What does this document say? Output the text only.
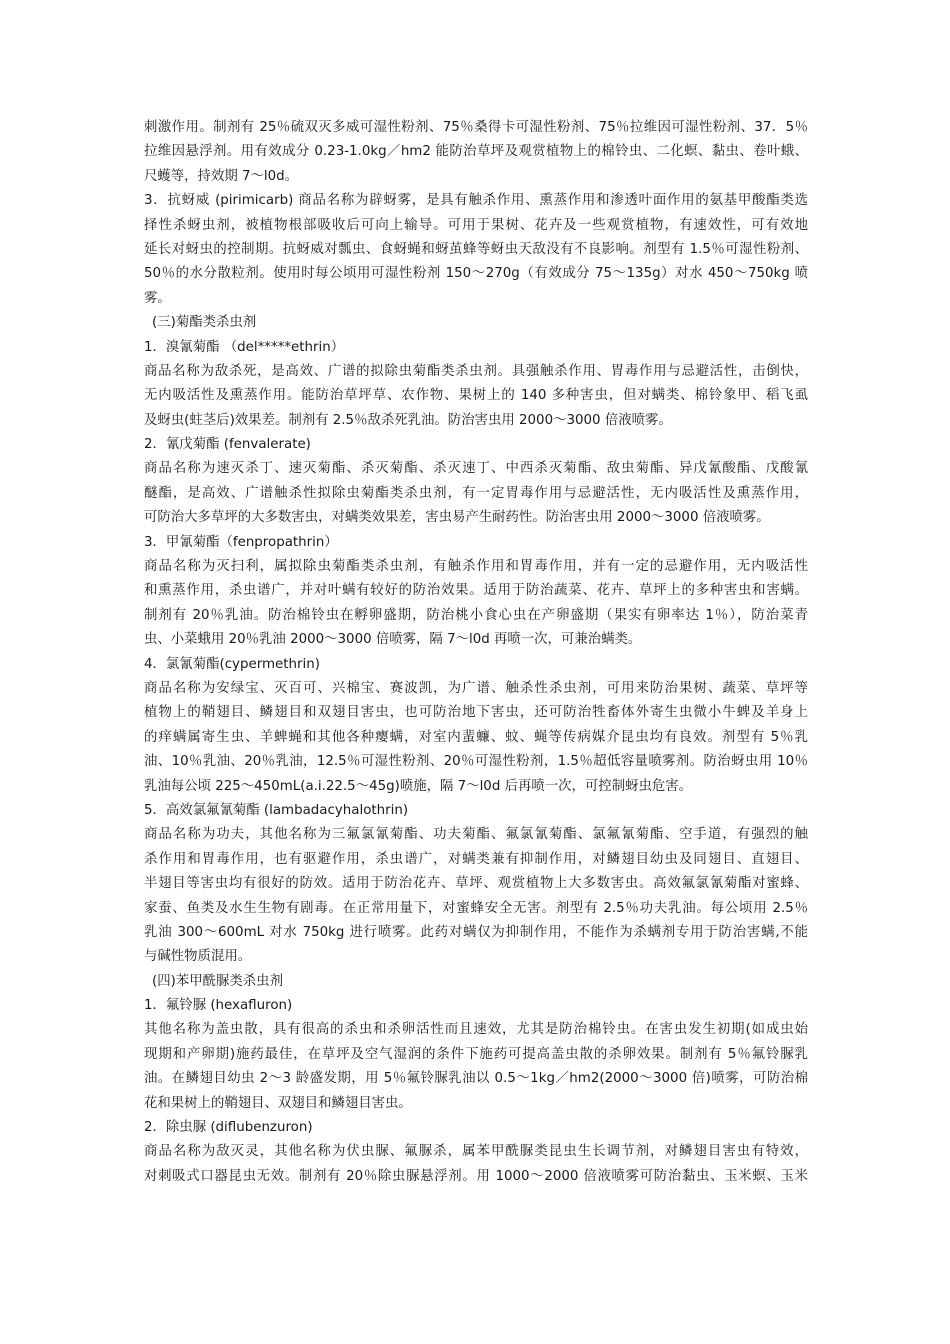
刺激作用。制剂有 25％硫双灭多威可湿性粉剂、75％桑得卡可湿性粉剂、75％拉维因可湿性粉剂、37．5％
拉维因悬浮剂。用有效成分 0.23-1.0kg／hm2 能防治草坪及观赏植物上的棉铃虫、二化螟、黏虫、卷叶蛾、
尺蠖等，持效期 7～l0d。
3．抗蚜威 (pirimicarb) 商品名称为辟蚜雾，是具有触杀作用、熏蒸作用和渗透叶面作用的氨基甲酸酯类选
择性杀蚜虫剂，被植物根部吸收后可向上输导。可用于果树、花卉及一些观赏植物，有速效性，可有效地
延长对蚜虫的控制期。抗蚜威对瓢虫、食蚜蝇和蚜茧蜂等蚜虫天敌没有不良影响。剂型有 1.5％可湿性粉剂、
50％的水分散粒剂。使用时每公顷用可湿性粉剂 150～270g（有效成分 75～135g）对水 450～750kg 喷
雾。
(三)菊酯类杀虫剂
1．溴氰菊酯 （del*****ethrin）
商品名称为敌杀死，是高效、广谱的拟除虫菊酯类杀虫剂。具强触杀作用、胃毒作用与忌避活性，击倒快，
无内吸活性及熏蒸作用。能防治草坪草、农作物、果树上的 140 多种害虫，但对螨类、棉铃象甲、稻飞虱
及蚜虫(蛀茎后)效果差。制剂有 2.5％敌杀死乳油。防治害虫用 2000～3000 倍液喷雾。
2．氰戊菊酯 (fenvalerate)
商品名称为速灭杀丁、速灭菊酯、杀灭菊酯、杀灭速丁、中西杀灭菊酯、敌虫菊酯、异戊氰酸酯、戊酸氰
醚酯，是高效、广谱触杀性拟除虫菊酯类杀虫剂，有一定胃毒作用与忌避活性，无内吸活性及熏蒸作用，
可防治大多草坪的大多数害虫，对螨类效果差，害虫易产生耐药性。防治害虫用 2000～3000 倍液喷雾。
3．甲氰菊酯（fenpropathrin）
商品名称为灭扫利，属拟除虫菊酯类杀虫剂，有触杀作用和胃毒作用，并有一定的忌避作用，无内吸活性
和熏蒸作用，杀虫谱广，并对叶螨有较好的防治效果。适用于防治蔬菜、花卉、草坪上的多种害虫和害螨。
制剂有 20％乳油。防治棉铃虫在孵卵盛期，防治桃小食心虫在产卵盛期（果实有卵率达 1％），防治菜青
虫、小菜蛾用 20％乳油 2000～3000 倍喷雾，隔 7～l0d 再喷一次，可兼治螨类。
4．氯氰菊酯(cypermethrin)
商品名称为安绿宝、灭百可、兴棉宝、赛波凯，为广谱、触杀性杀虫剂，可用来防治果树、蔬菜、草坪等
植物上的鞘翅目、鳞翅目和双翅目害虫，也可防治地下害虫，还可防治牲畜体外寄生虫微小牛蜱及羊身上
的痒螨属寄生虫、羊蜱蝇和其他各种瘿螨，对室内蜚蠊、蚊、蝇等传病媒介昆虫均有良效。剂型有 5％乳
油、10％乳油、20％乳油，12.5％可湿性粉剂、20％可湿性粉剂，1.5％超低容量喷雾剂。防治蚜虫用 10％
乳油每公顷 225～450mL(a.i.22.5～45g)喷施，隔 7～l0d 后再喷一次，可控制蚜虫危害。
5．高效氯氟氰菊酯 (lambadacyhalothrin)
商品名称为功夫，其他名称为三氟氯氰菊酯、功夫菊酯、氟氯氰菊酯、氯氟氰菊酯、空手道，有强烈的触
杀作用和胃毒作用，也有驱避作用，杀虫谱广，对螨类兼有抑制作用，对鳞翅目幼虫及同翅目、直翅目、
半翅目等害虫均有很好的防效。适用于防治花卉、草坪、观赏植物上大多数害虫。高效氟氯氰菊酯对蜜蜂、
家蚕、鱼类及水生生物有剧毒。在正常用量下，对蜜蜂安全无害。剂型有 2.5％功夫乳油。每公顷用 2.5％
乳油 300～600mL 对水 750kg 进行喷雾。此药对螨仅为抑制作用，不能作为杀螨剂专用于防治害螨,不能
与碱性物质混用。
(四)苯甲酰脲类杀虫剂
1．氟铃脲 (hexafluron)
其他名称为盖虫散，具有很高的杀虫和杀卵活性而且速效，尤其是防治棉铃虫。在害虫发生初期(如成虫始
现期和产卵期)施药最佳，在草坪及空气湿润的条件下施药可提高盖虫散的杀卵效果。制剂有 5％氟铃脲乳
油。在鳞翅目幼虫 2～3 龄盛发期，用 5％氟铃脲乳油以 0.5～1kg／hm2(2000～3000 倍)喷雾，可防治棉
花和果树上的鞘翅目、双翅目和鳞翅目害虫。
2．除虫脲 (diflubenzuron)
商品名称为敌灭灵，其他名称为伏虫脲、氟脲杀，属苯甲酰脲类昆虫生长调节剂，对鳞翅目害虫有特效，
对刺吸式口器昆虫无效。制剂有 20％除虫脲悬浮剂。用 1000～2000 倍液喷雾可防治黏虫、玉米螟、玉米
